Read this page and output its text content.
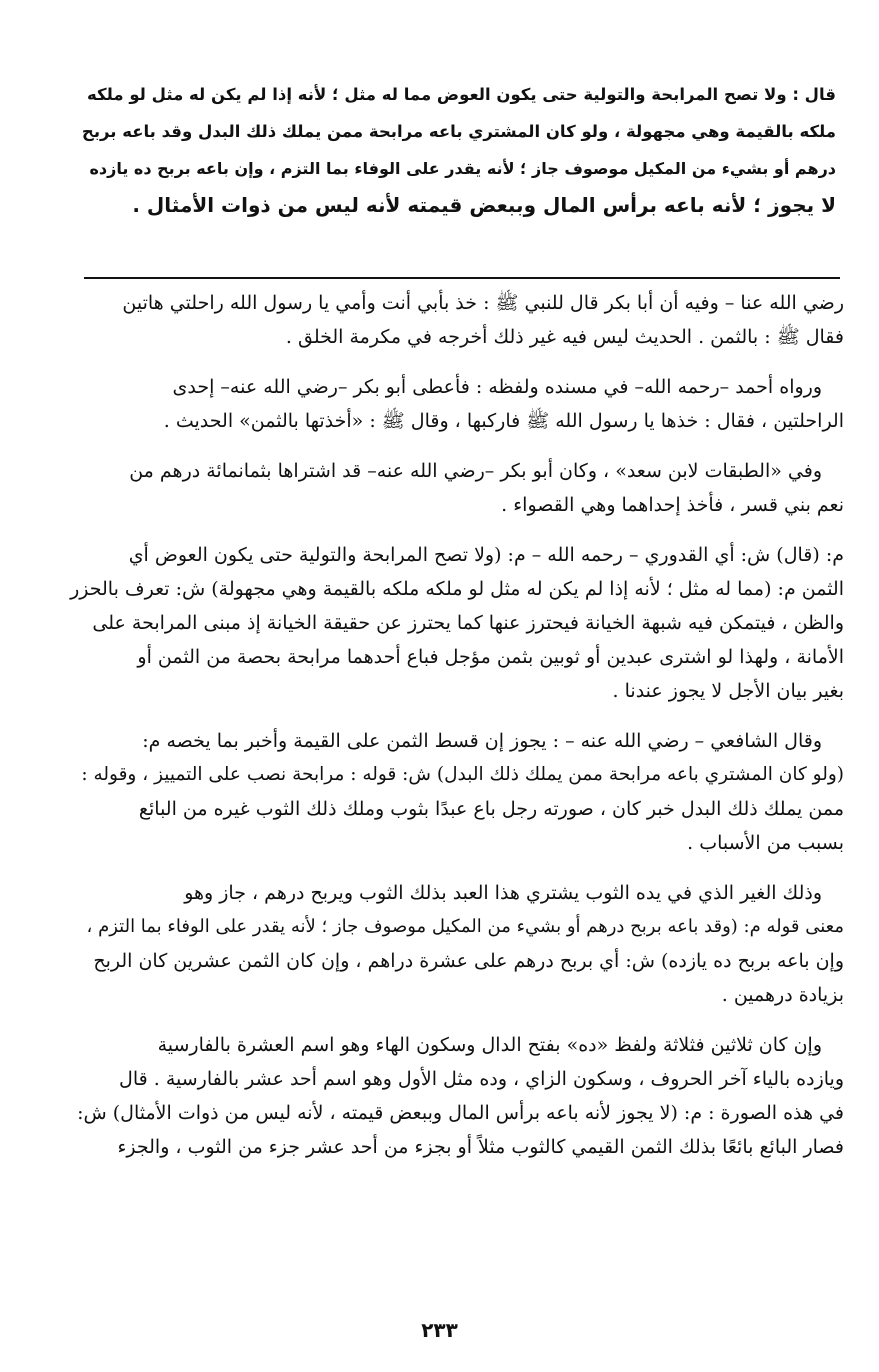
قال : ولا تصح المرابحة والتولية حتى يكون العوض مما له مثل ؛ لأنه إذا لم يكن له مثل لو ملكه
ملكه بالقيمة وهي مجهولة ، ولو كان المشتري باعه مرابحة ممن يملك ذلك البدل وقد باعه بربح
درهم أو بشيء من المكيل موصوف جاز ؛ لأنه يقدر على الوفاء بما التزم ، وإن باعه بربح ده يازده
لا يجوز ؛ لأنه باعه برأس المال وببعض قيمته لأنه ليس من ذوات الأمثال .

رضي الله عنا – وفيه أن أبا بكر قال للنبي ﷺ : خذ بأبي أنت وأمي يا رسول الله راحلتي هاتين
فقال ﷺ : بالثمن . الحديث ليس فيه غير ذلك أخرجه في مكرمة الخلق .

ورواه أحمد –رحمه الله– في مسنده ولفظه : فأعطى أبو بكر –رضي الله عنه– إحدى
الراحلتين ، فقال : خذها يا رسول الله ﷺ فاركبها ، وقال ﷺ : «أخذتها بالثمن» الحديث .

وفي «الطبقات لابن سعد» ، وكان أبو بكر –رضي الله عنه– قد اشتراها بثمانمائة درهم من
نعم بني قسر ، فأخذ إحداهما وهي القصواء .

م: (قال) ش: أي القدوري – رحمه الله – م: (ولا تصح المرابحة والتولية حتى يكون العوض أي
الثمن م: (مما له مثل ؛ لأنه إذا لم يكن له مثل لو ملكه ملكه بالقيمة وهي مجهولة) ش: تعرف بالحزر
والظن ، فيتمكن فيه شبهة الخيانة فيحترز عنها كما يحترز عن حقيقة الخيانة إذ مبنى المرابحة على
الأمانة ، ولهذا لو اشترى عبدين أو ثوبين بثمن مؤجل فباع أحدهما مرابحة بحصة من الثمن أو
بغير بيان الأجل لا يجوز عندنا .

وقال الشافعي – رضي الله عنه – : يجوز إن قسط الثمن على القيمة وأخبر بما يخصه م:
(ولو كان المشتري باعه مرابحة ممن يملك ذلك البدل) ش: قوله : مرابحة نصب على التمييز ، وقوله :
ممن يملك ذلك البدل خبر كان ، صورته رجل باع عبدًا بثوب وملك ذلك الثوب غيره من البائع
بسبب من الأسباب .

وذلك الغير الذي في يده الثوب يشتري هذا العبد بذلك الثوب ويربح درهم ، جاز وهو
معنى قوله م: (وقد باعه بربح درهم أو بشيء من المكيل موصوف جاز ؛ لأنه يقدر على الوفاء بما التزم ،
وإن باعه بربح ده يازده) ش: أي بربح درهم على عشرة دراهم ، وإن كان الثمن عشرين كان الربح
بزيادة درهمين .

وإن كان ثلاثين فثلاثة ولفظ «ده» بفتح الدال وسكون الهاء وهو اسم العشرة بالفارسية
ويازده بالياء آخر الحروف ، وسكون الزاي ، وده مثل الأول وهو اسم أحد عشر بالفارسية . قال
في هذه الصورة : م: (لا يجوز لأنه باعه برأس المال وببعض قيمته ، لأنه ليس من ذوات الأمثال) ش:
فصار البائع بائعًا بذلك الثمن القيمي كالثوب مثلاً أو بجزء من أحد عشر جزء من الثوب ، والجزء

٢٣٣
